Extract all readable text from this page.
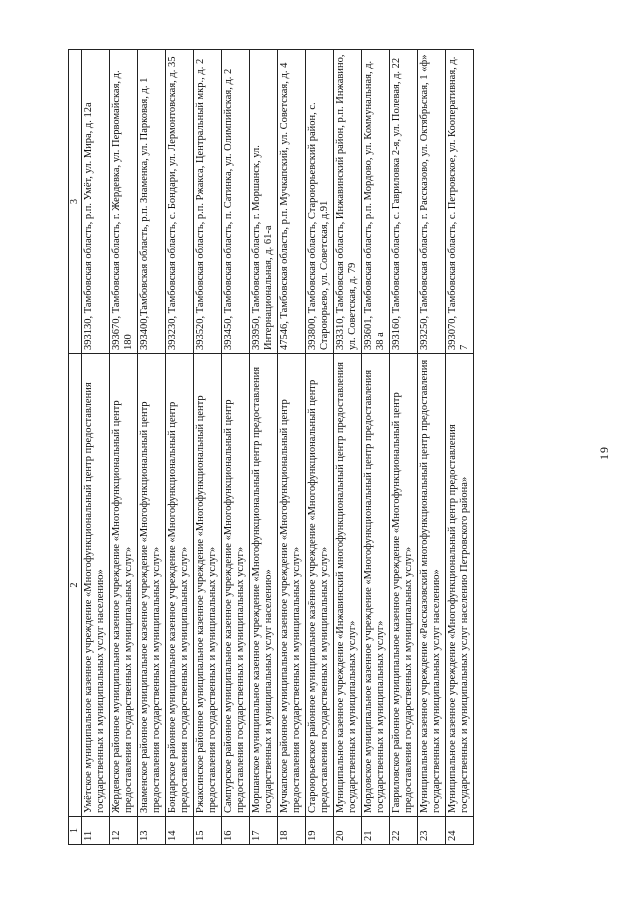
19
1	2	3
11	Умётское муниципальное казенное учреждение «Многофункциональный центр предоставления государственных и муниципальных услуг населению»	393130, Тамбовская область, р.п. Умёт, ул. Мира, д. 12а
12	Жердевское районное муниципальное казенное учреждение «Многофункциональный центр предоставления государственных и муниципальных услуг»	393670, Тамбовская область, г. Жердевка, ул. Первомайская, д. 180
13	Знаменское районное муниципальное казенное учреждение «Многофункциональный центр предоставления государственных и муниципальных услуг»	393400,Тамбовская область, р.п. Знаменка, ул. Парковая, д. 1
14	Бондарское районное муниципальное казенное учреждение «Многофункциональный центр предоставления государственных и муниципальных услуг»	393230, Тамбовская область, с. Бондари, ул. Лермонтовская, д. 35
15	Ржаксинское районное муниципальное казенное учреждение «Многофункциональный центр предоставления государственных и муниципальных услуг»	393520, Тамбовская область, р.п. Ржакса, Центральный мкр., д. 2
16	Сампурское районное муниципальное казенное учреждение «Многофункциональный центр предоставления государственных и муниципальных услуг»	393450, Тамбовская область, п. Сатинка, ул. Олимпийская, д. 2
17	Моршанское муниципальное казенное учреждение «Многофункциональный центр предоставления государственных и муниципальных услуг населению»	393950, Тамбовская область, г. Моршанск, ул. Интернациональная, д. 61-а
18	Мучкапское районное муниципальное казенное учреждение «Многофункциональный центр предоставления государственных и муниципальных услуг»	47546, Тамбовская область, р.п. Мучкапский, ул. Советская, д. 4
19	Староюрьевское районное муниципальное казённое учреждение «Многофункциональный центр предоставления государственных и муниципальных услуг»	393800, Тамбовская область, Староюрьевский район, с. Староюрьево, ул. Советская, д.91
20	Муниципальное казенное учреждение «Инжавинский многофункциональный центр предоставления государственных и муниципальных услуг»	393310, Тамбовская область, Инжавинский район, р.п. Инжавино, ул. Советская, д. 79
21	Мордовское муниципальное казенное учреждение «Многофункциональный центр предоставления государственных и муниципальных услуг»	393601, Тамбовская область, р.п. Мордово, ул. Коммунальная, д. 38 а
22	Гавриловское районное муниципальное казенное учреждение «Многофункциональный центр предоставления государственных и муниципальных услуг»	393160, Тамбовская область, с. Гавриловка 2-я, ул. Полевая, д. 22
23	Муниципальное казенное учреждение «Рассказовский многофункциональный центр предоставления государственных и муниципальных услуг населению»	393250, Тамбовская область, г. Рассказово, ул. Октябрьская, 1 «ф»
24	Муниципальное казенное учреждение «Многофункциональный центр предоставления государственных и муниципальных услуг населению Петровского района»	393070, Тамбовская область, с. Петровское, ул. Кооперативная, д. 7
